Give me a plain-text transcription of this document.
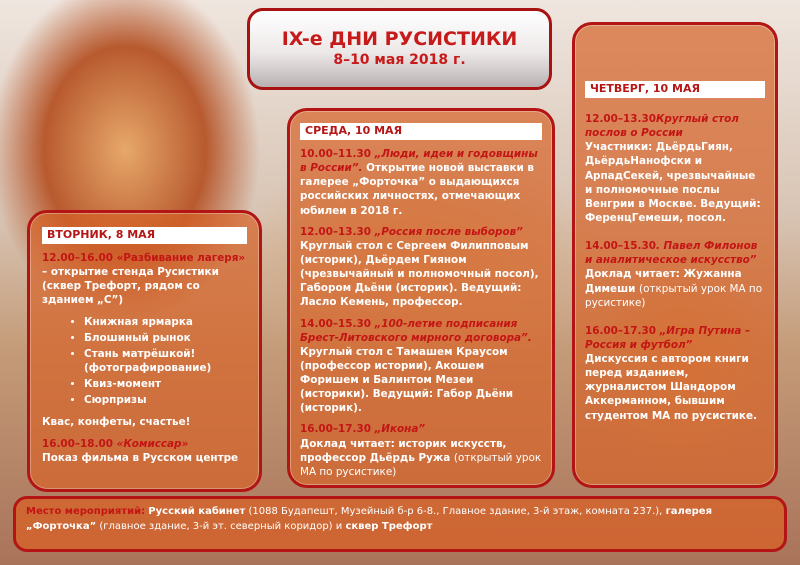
IX-е ДНИ РУСИСТИКИ
8–10 мая 2018 г.
ВТОРНИК, 8 МАЯ
12.00–16.00 «Разбивание лагеря» – открытие стенда Русистики (сквер Трефорт, рядом со зданием „С”)
• Книжная ярмарка
• Блошиный рынок
• Стань матрёшкой! (фотографирование)
• Квиз-момент
• Сюрпризы
Квас, конфеты, счастье!
16.00–18.00 «Комиссар»
Показ фильма в Русском центре
СРЕДА, 10 МАЯ
10.00–11.30 „Люди, идеи и годовщины в России”. Открытие новой выставки в галерее „Форточка” о выдающихся российских личностях, отмечающих юбилеи в 2018 г.
12.00–13.30 „Россия после выборов”
Круглый стол с Сергеем Филипповым (историк), Дьёрдем Гияном (чрезвычайный и полномочный посол), Габором Дьёни (историк). Ведущий: Ласло Кемень, профессор.
14.00–15.30 „100-летие подписания Брест-Литовского мирного договора”. Круглый стол с Тамашем Краусом (профессор истории), Акошем Форишем и Балинтом Мезеи (историки). Ведущий: Габор Дьёни (историк).
16.00–17.30 „Икона”
Доклад читает: историк искусств, профессор Дьёрдь Ружа (открытый урок МА по русистике)
ЧЕТВЕРГ, 10 МАЯ
12.00–13.30Круглый стол послов о России
Участники: ДьёрдьГиян, ДьёрдьНанофски и АрпадСекей, чрезвычайные и полномочные послы Венгрии в Москве. Ведущий: ФеренцГемеши, посол.
14.00–15.30. Павел Филонов и аналитическое искусство”
Доклад читает: Жужанна Димеши (открытый урок МА по русистике)
16.00–17.30 „Игра Путина – Россия и футбол”
Дискуссия с автором книги перед изданием, журналистом Шандором Аккерманном, бывшим студентом МА по русистике.
Место мероприятий: Русский кабинет (1088 Будапешт, Музейный б-р 6-8., Главное здание, 3-й этаж, комната 237.), галерея „Форточка” (главное здание, 3-й эт. северный коридор) и сквер Трефорт
